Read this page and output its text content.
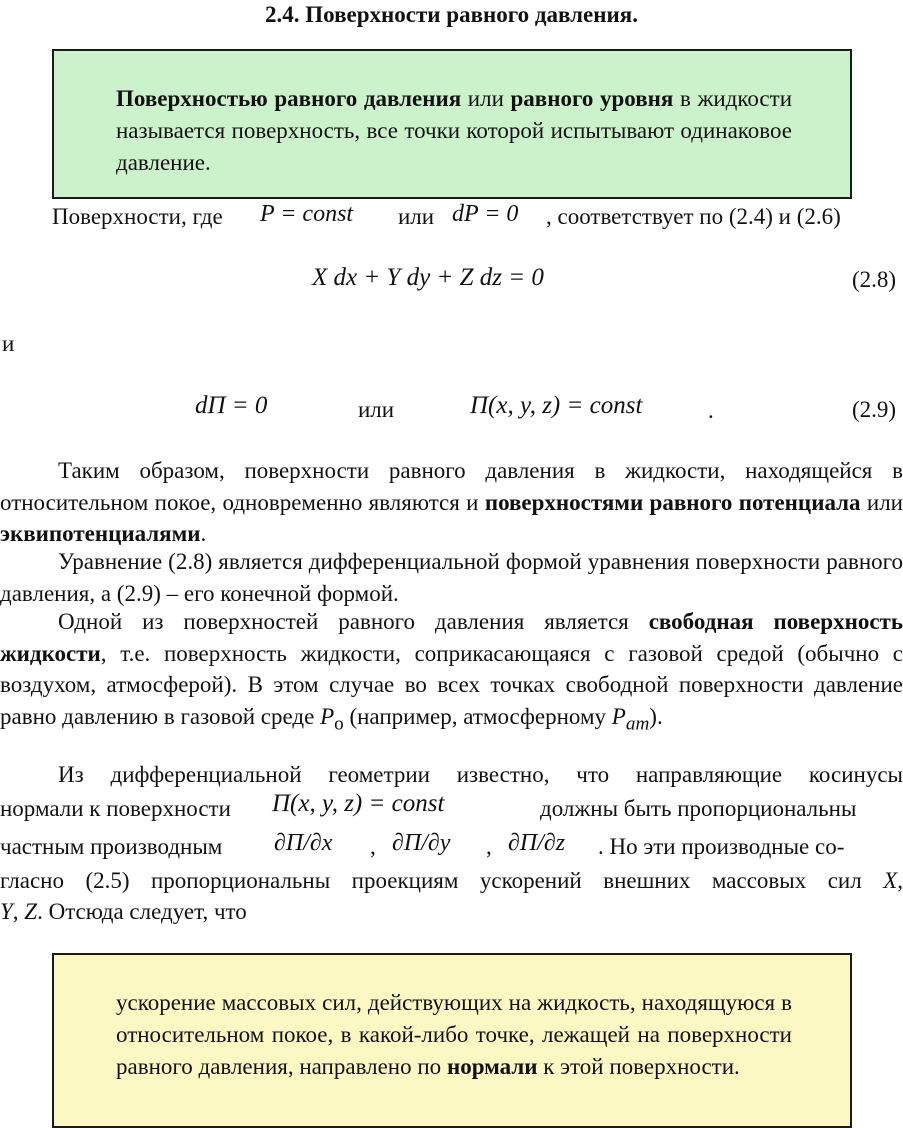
2.4. Поверхности равного давления.
Поверхностью равного давления или равного уровня в жидкости называется поверхность, все точки которой испытывают одинаковое давление.
Поверхности, где P = const или dP = 0 , соответствует по (2.4) и (2.6)
X dx + Y dy + Z dz = 0	(2.8)
и
dΠ = 0	или	Π(x, y, z) = const	.	(2.9)
Таким образом, поверхности равного давления в жидкости, находящейся в относительном покое, одновременно являются и поверхностями равного потенциала или эквипотенциалями.
Уравнение (2.8) является дифференциальной формой уравнения поверхности равного давления, а (2.9) – его конечной формой.
Одной из поверхностей равного давления является свободная поверхность жидкости, т.е. поверхность жидкости, соприкасающаяся с газовой средой (обычно с воздухом, атмосферой). В этом случае во всех точках свободной поверхности давление равно давлению в газовой среде $P_о$ (например, атмосферному $P_{am}$).
Из дифференциальной геометрии известно, что направляющие косинусы
нормали к поверхности Π(x, y, z) = const	должны быть пропорциональны
частным производным ∂Π/∂x , ∂Π/∂y , ∂Π/∂z . Но эти производные со-
гласно (2.5) пропорциональны проекциям ускорений внешних массовых сил X,
Y, Z. Отсюда следует, что
ускорение массовых сил, действующих на жидкость, находящуюся в относительном покое, в какой-либо точке, лежащей на поверхности равного давления, направлено по нормали к этой поверхности.
